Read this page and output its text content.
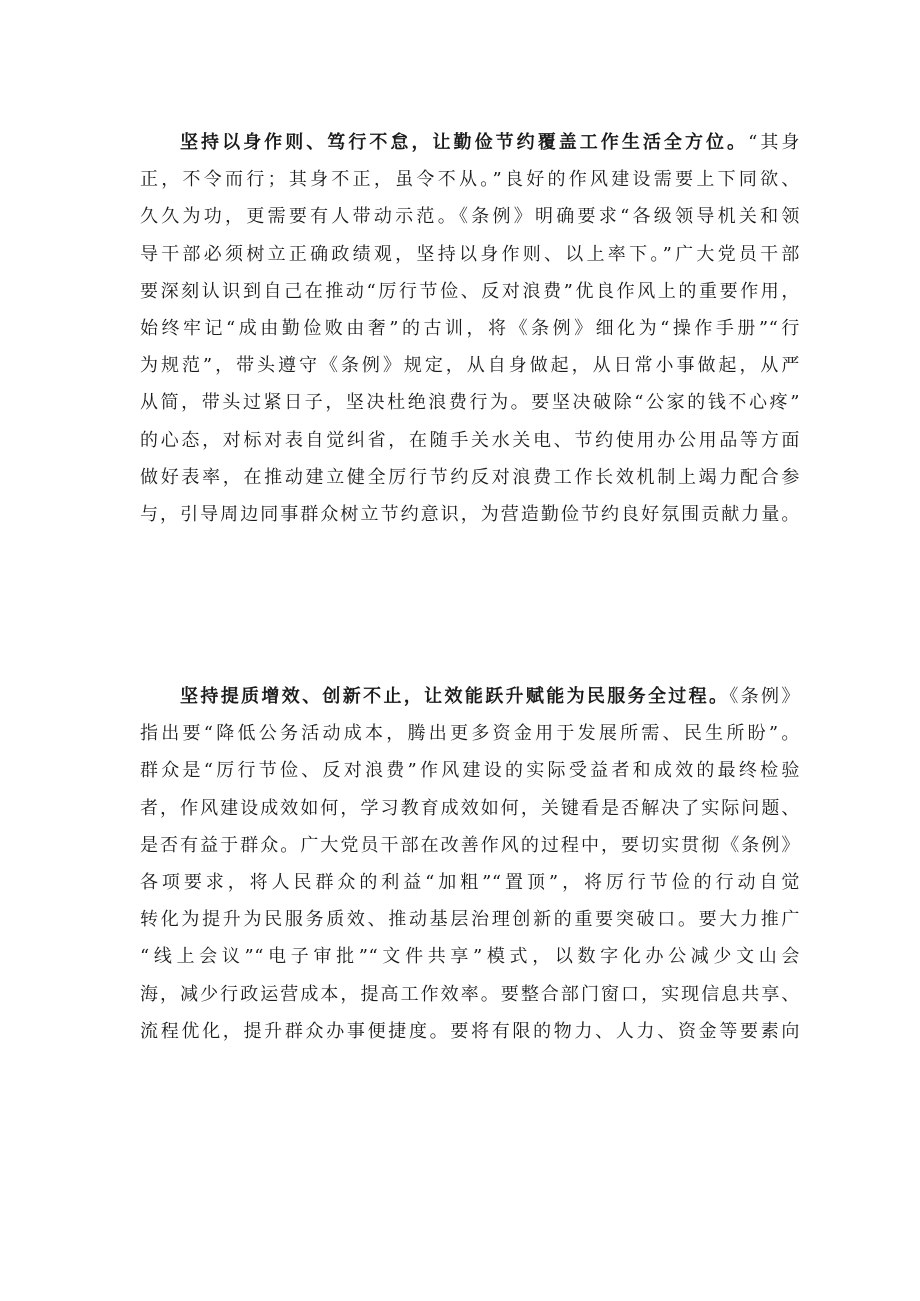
坚持以身作则、笃行不怠，让勤俭节约覆盖工作生活全方位。“其身
正，不令而行；其身不正，虽令不从。”良好的作风建设需要上下同欲、
久久为功，更需要有人带动示范。《条例》明确要求“各级领导机关和领
导干部必须树立正确政绩观，坚持以身作则、以上率下。”广大党员干部
要深刻认识到自己在推动“厉行节俭、反对浪费”优良作风上的重要作用，
始终牢记“成由勤俭败由奢”的古训，将《条例》细化为“操作手册”“行
为规范”，带头遵守《条例》规定，从自身做起，从日常小事做起，从严
从简，带头过紧日子，坚决杜绝浪费行为。要坚决破除“公家的钱不心疼”
的心态，对标对表自觉纠省，在随手关水关电、节约使用办公用品等方面
做好表率，在推动建立健全厉行节约反对浪费工作长效机制上竭力配合参
与，引导周边同事群众树立节约意识，为营造勤俭节约良好氛围贡献力量。
坚持提质增效、创新不止，让效能跃升赋能为民服务全过程。《条例》
指出要“降低公务活动成本，腾出更多资金用于发展所需、民生所盼”。
群众是“厉行节俭、反对浪费”作风建设的实际受益者和成效的最终检验
者，作风建设成效如何，学习教育成效如何，关键看是否解决了实际问题、
是否有益于群众。广大党员干部在改善作风的过程中，要切实贯彻《条例》
各项要求，将人民群众的利益“加粗”“置顶”，将厉行节俭的行动自觉
转化为提升为民服务质效、推动基层治理创新的重要突破口。要大力推广
“线上会议”“电子审批”“文件共享”模式，以数字化办公减少文山会
海，减少行政运营成本，提高工作效率。要整合部门窗口，实现信息共享、
流程优化，提升群众办事便捷度。要将有限的物力、人力、资金等要素向
